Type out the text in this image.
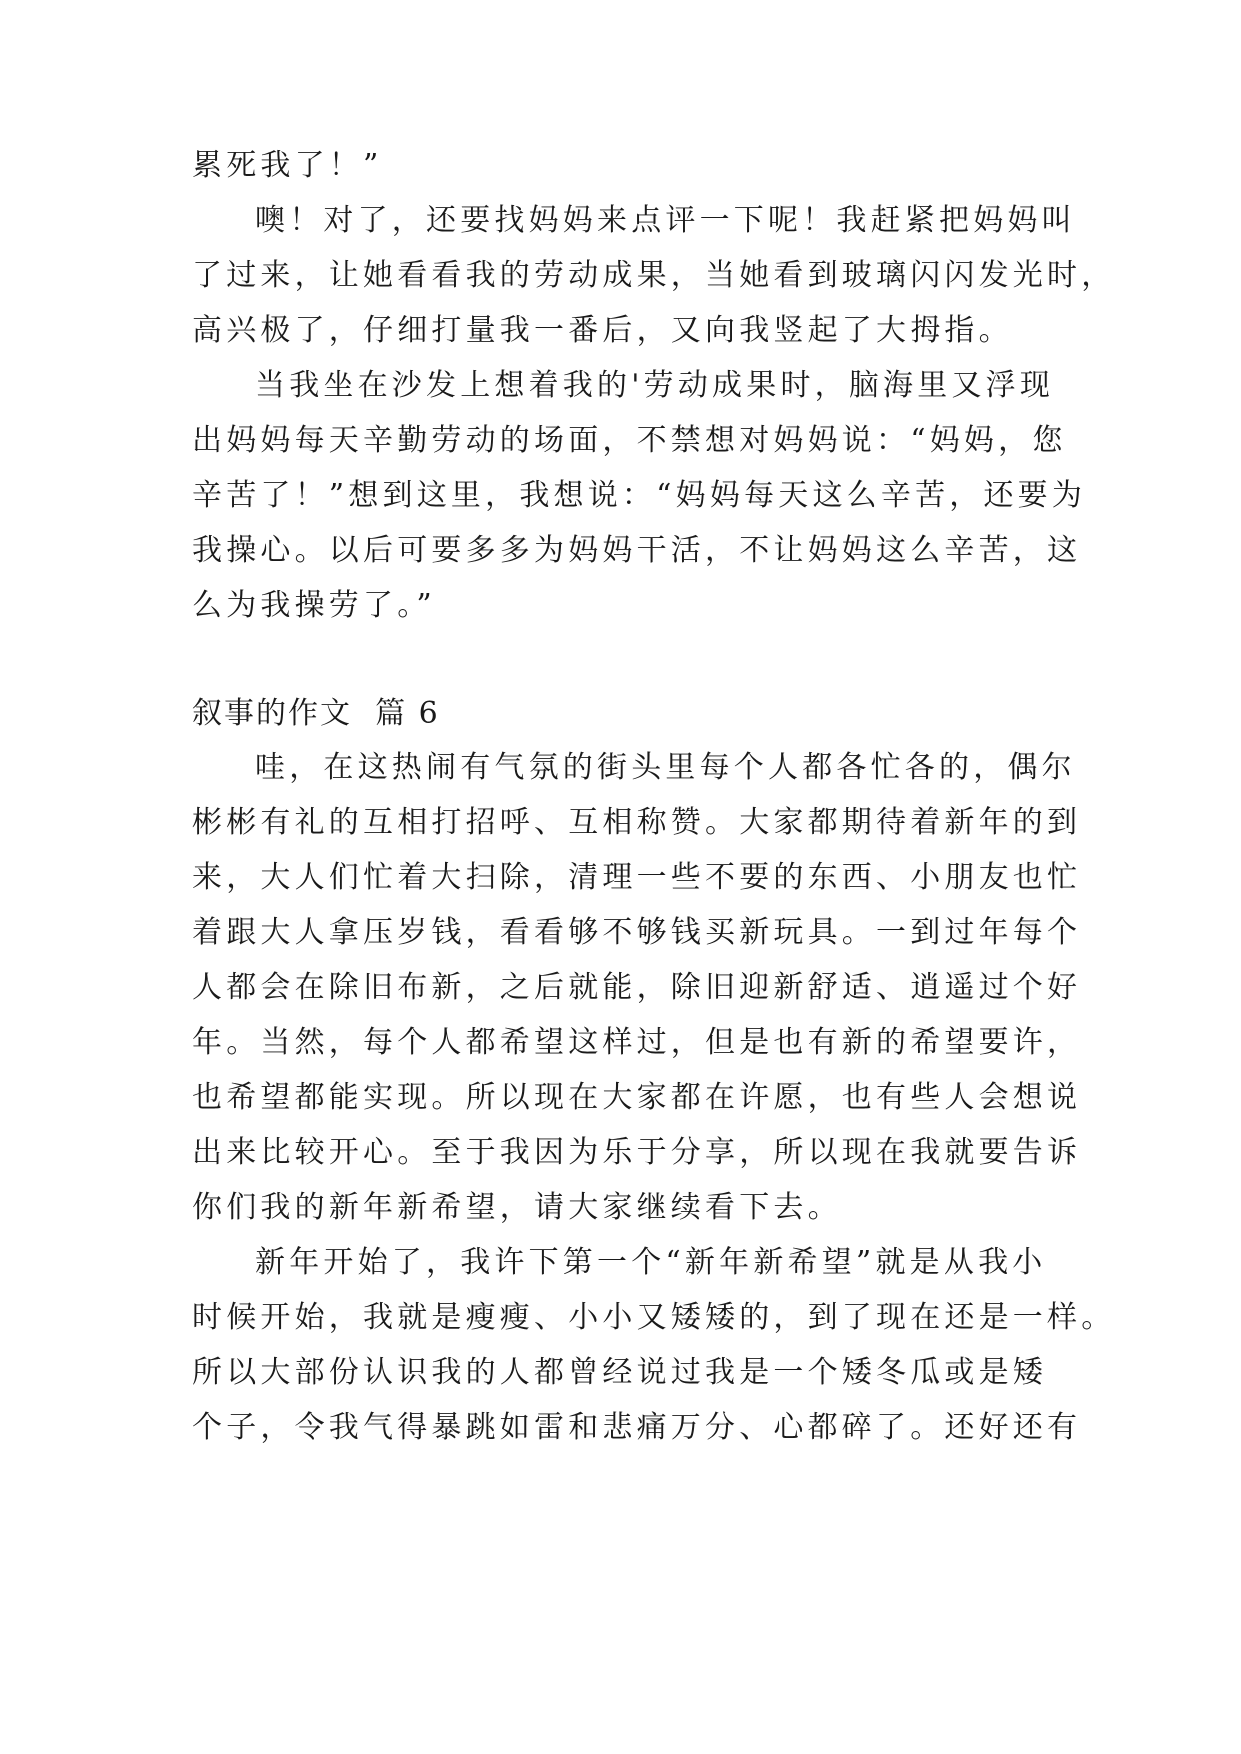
累死我了！”

噢！对了，还要找妈妈来点评一下呢！我赶紧把妈妈叫

了过来，让她看看我的劳动成果，当她看到玻璃闪闪发光时，

高兴极了，仔细打量我一番后，又向我竖起了大拇指。

当我坐在沙发上想着我的'劳动成果时，脑海里又浮现

出妈妈每天辛勤劳动的场面，不禁想对妈妈说：“妈妈，您

辛苦了！”想到这里，我想说：“妈妈每天这么辛苦，还要为

我操心。以后可要多多为妈妈干活，不让妈妈这么辛苦，这

么为我操劳了。”

叙事的作文  篇 6

哇，在这热闹有气氛的街头里每个人都各忙各的，偶尔

彬彬有礼的互相打招呼、互相称赞。大家都期待着新年的到

来，大人们忙着大扫除，清理一些不要的东西、小朋友也忙

着跟大人拿压岁钱，看看够不够钱买新玩具。一到过年每个

人都会在除旧布新，之后就能，除旧迎新舒适、逍遥过个好

年。当然，每个人都希望这样过，但是也有新的希望要许，

也希望都能实现。所以现在大家都在许愿，也有些人会想说

出来比较开心。至于我因为乐于分享，所以现在我就要告诉

你们我的新年新希望，请大家继续看下去。

新年开始了，我许下第一个“新年新希望”就是从我小

时候开始，我就是瘦瘦、小小又矮矮的，到了现在还是一样。

所以大部份认识我的人都曾经说过我是一个矮冬瓜或是矮

个子，令我气得暴跳如雷和悲痛万分、心都碎了。还好还有
